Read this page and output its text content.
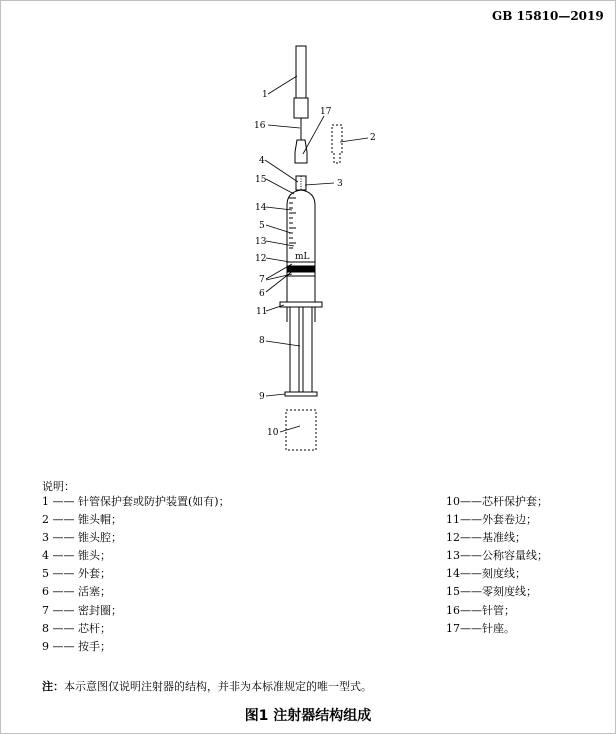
GB 15810—2019
mL
1
2
3
4
5
6
7
8
9
10
11
12
13
14
15
16
17
说明：
1 —— 针管保护套或防护装置(如有)；
2 —— 锥头帽；
3 —— 锥头腔；
4 —— 锥头；
5 —— 外套；
6 —— 活塞；
7 —— 密封圈；
8 —— 芯杆；
9 —— 按手；
10——芯杆保护套；
11——外套卷边；
12——基准线；
13——公称容量线；
14——刻度线；
15——零刻度线；
16——针管；
17——针座。
注：本示意图仅说明注射器的结构，并非为本标准规定的唯一型式。
图1 注射器结构组成
